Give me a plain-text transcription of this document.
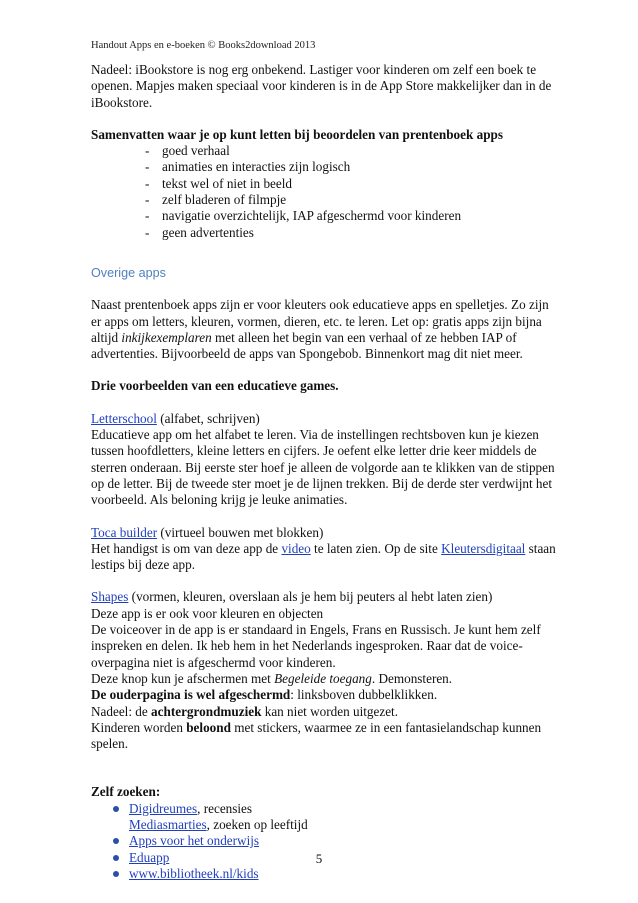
Handout Apps en e-boeken © Books2download 2013

Nadeel: iBookstore is nog erg onbekend. Lastiger voor kinderen om zelf een boek te openen. Mapjes maken speciaal voor kinderen is in de App Store makkelijker dan in de iBookstore.

Samenvatten waar je op kunt letten bij beoordelen van prentenboek apps

- goed verhaal
- animaties en interacties zijn logisch
- tekst wel of niet in beeld
- zelf bladeren of filmpje
- navigatie overzichtelijk, IAP afgeschermd voor kinderen
- geen advertenties

Overige apps

Naast prentenboek apps zijn er voor kleuters ook educatieve apps en spelletjes. Zo zijn er apps om letters, kleuren, vormen, dieren, etc. te leren. Let op: gratis apps zijn bijna altijd inkijkexemplaren met alleen het begin van een verhaal of ze hebben IAP of advertenties. Bijvoorbeeld de apps van Spongebob. Binnenkort mag dit niet meer.

Drie voorbeelden van een educatieve games.

Letterschool (alfabet, schrijven)

Educatieve app om het alfabet te leren. Via de instellingen rechtsboven kun je kiezen tussen hoofdletters, kleine letters en cijfers. Je oefent elke letter drie keer middels de sterren onderaan. Bij eerste ster hoef je alleen de volgorde aan te klikken van de stippen op de letter. Bij de tweede ster moet je de lijnen trekken. Bij de derde ster verdwijnt het voorbeeld. Als beloning krijg je leuke animaties.

Toca builder (virtueel bouwen met blokken)

Het handigst is om van deze app de video te laten zien. Op de site Kleutersdigitaal staan lestips bij deze app.

Shapes (vormen, kleuren, overslaan als je hem bij peuters al hebt laten zien)

Deze app is er ook voor kleuren en objecten

De voiceover in de app is er standaard in Engels, Frans en Russisch. Je kunt hem zelf inspreken en delen. Ik heb hem in het Nederlands ingesproken. Raar dat de voice-overpagina niet is afgeschermd voor kinderen.

Deze knop kun je afschermen met Begeleide toegang. Demonsteren.

De ouderpagina is wel afgeschermd: linksboven dubbelklikken.

Nadeel: de achtergrondmuziek kan niet worden uitgezet.

Kinderen worden beloond met stickers, waarmee ze in een fantasielandschap kunnen spelen.

Zelf zoeken:

Digidreumes, recensies
Mediasmarties, zoeken op leeftijd
Apps voor het onderwijs
Eduapp
www.bibliotheek.nl/kids
5
